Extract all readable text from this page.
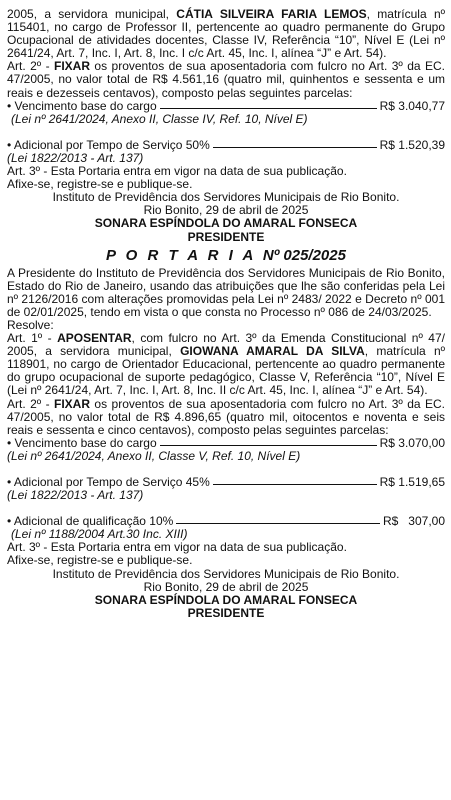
2005, a servidora municipal, CÁTIA SILVEIRA FARIA LEMOS, matrícula nº 115401, no cargo de Professor II, pertencente ao quadro permanente do Grupo Ocupacional de atividades docentes, Classe IV, Referência “10”, Nível E (Lei nº 2641/24, Art. 7, Inc. I, Art. 8, Inc. I c/c Art. 45, Inc. I, alínea “J” e Art. 54).

Art. 2º - FIXAR os proventos de sua aposentadoria com fulcro no Art. 3º da EC. 47/2005, no valor total de R$ 4.561,16 (quatro mil, quinhentos e sessenta e um reais e dezesseis centavos), composto pelas seguintes parcelas:

• Vencimento base do cargo	R$ 3.040,77

(Lei nº 2641/2024, Anexo II, Classe IV, Ref. 10, Nível E)

• Adicional por Tempo de Serviço 50%	R$ 1.520,39

(Lei 1822/2013 - Art. 137)

Art. 3º - Esta Portaria entra em vigor na data de sua publicação.

Afixe-se, registre-se e publique-se.

Instituto de Previdência dos Servidores Municipais de Rio Bonito.

Rio Bonito, 29 de abril de 2025

SONARA ESPÍNDOLA DO AMARAL FONSECA

PRESIDENTE

P O R T A R I A Nº 025/2025

A Presidente do Instituto de Previdência dos Servidores Municipais de Rio Bonito, Estado do Rio de Janeiro, usando das atribuições que lhe são conferidas pela Lei nº 2126/2016 com alterações promovidas pela Lei nº 2483/ 2022 e Decreto nº 001 de 02/01/2025, tendo em vista o que consta no Processo nº 086 de 24/03/2025.

Resolve:

Art. 1º - APOSENTAR, com fulcro no Art. 3º da Emenda Constitucional nº 47/ 2005, a servidora municipal, GIOWANA AMARAL DA SILVA, matrícula nº 118901, no cargo de Orientador Educacional, pertencente ao quadro permanente do grupo ocupacional de suporte pedagógico, Classe V, Referência “10”, Nível E (Lei nº 2641/24, Art. 7, Inc. I, Art. 8, Inc. II c/c Art. 45, Inc. I, alínea “J” e Art. 54).

Art. 2º - FIXAR os proventos de sua aposentadoria com fulcro no Art. 3º da EC. 47/2005, no valor total de R$ 4.896,65 (quatro mil, oitocentos e noventa e seis reais e sessenta e cinco centavos), composto pelas seguintes parcelas:

• Vencimento base do cargo	R$ 3.070,00

(Lei nº 2641/2024, Anexo II, Classe V, Ref. 10, Nível E)

• Adicional por Tempo de Serviço 45%	R$ 1.519,65

(Lei 1822/2013 - Art. 137)

• Adicional de qualificação 10%	R$   307,00

(Lei nº 1188/2004 Art.30 Inc. XIII)

Art. 3º - Esta Portaria entra em vigor na data de sua publicação.

Afixe-se, registre-se e publique-se.

Instituto de Previdência dos Servidores Municipais de Rio Bonito.

Rio Bonito, 29 de abril de 2025

SONARA ESPÍNDOLA DO AMARAL FONSECA

PRESIDENTE
